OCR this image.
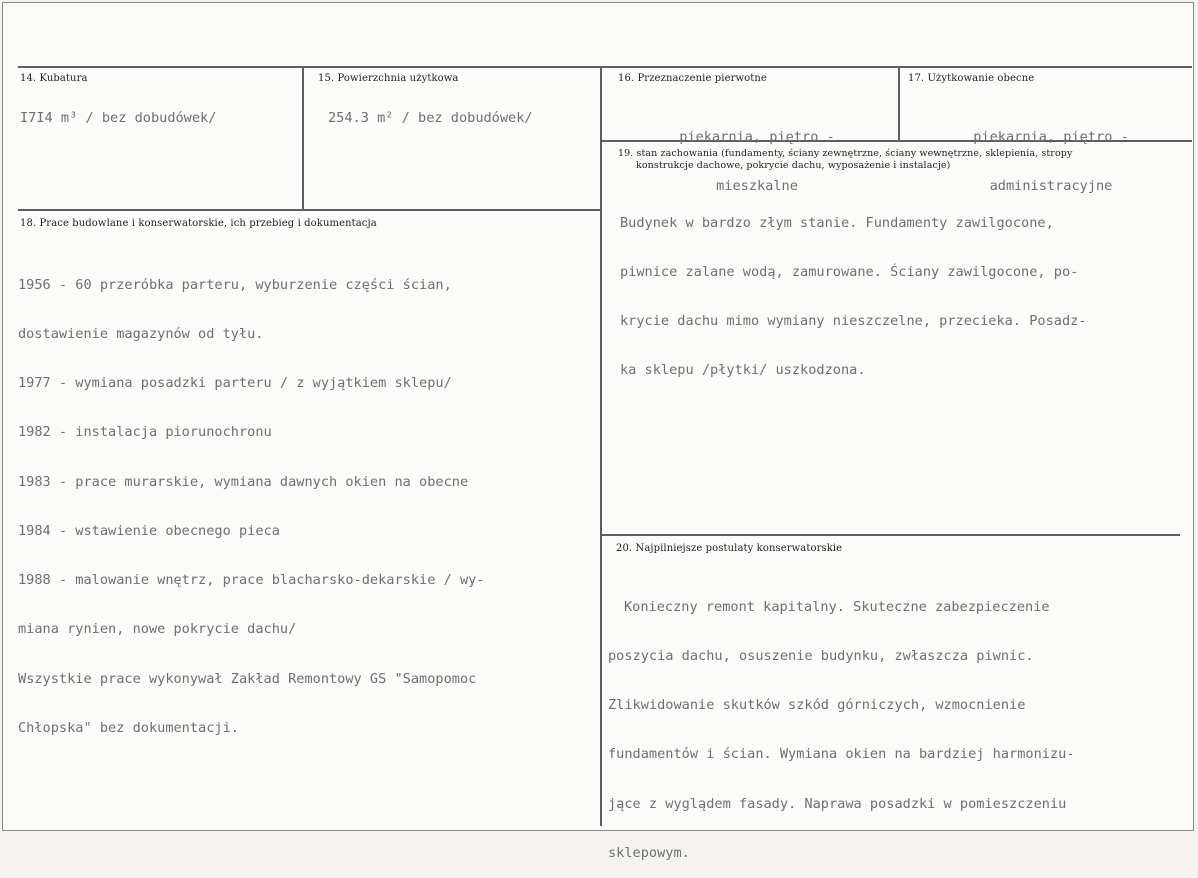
14. Kubatura
I7I4 m³ / bez dobudówek/
15. Powierzchnia użytkowa
254.3 m² / bez dobudówek/
16. Przeznaczenie pierwotne

piekarnia, piętro -

mieszkalne

17. Użytkowanie obecne

piekarnia, piętro -

administracyjne

18. Prace budowlane i konserwatorskie, ich przebieg i dokumentacja

1956 - 60 przeróbka parteru, wyburzenie części ścian,

dostawienie magazynów od tyłu.

1977 - wymiana posadzki parteru / z wyjątkiem sklepu/

1982 - instalacja piorunochronu

1983 - prace murarskie, wymiana dawnych okien na obecne

1984 - wstawienie obecnego pieca

1988 - malowanie wnętrz, prace blacharsko-dekarskie / wy-

miana rynien, nowe pokrycie dachu/

Wszystkie prace wykonywał Zakład Remontowy GS "Samopomoc

Chłopska" bez dokumentacji.

19. stan zachowania (fundamenty, ściany zewnętrzne, ściany wewnętrzne, sklepienia, stropy
konstrukcje dachowe, pokrycie dachu, wyposażenie i instalacje)

Budynek w bardzo złym stanie. Fundamenty zawilgocone,

piwnice zalane wodą, zamurowane. Ściany zawilgocone, po-

krycie dachu mimo wymiany nieszczelne, przecieka. Posadz-

ka sklepu /płytki/ uszkodzona.

20. Najpilniejsze postulaty konserwatorskie

Konieczny remont kapitalny. Skuteczne zabezpieczenie

poszycia dachu, osuszenie budynku, zwłaszcza piwnic.

Zlikwidowanie skutków szkód górniczych, wzmocnienie

fundamentów i ścian. Wymiana okien na bardziej harmonizu-

jące z wyglądem fasady. Naprawa posadzki w pomieszczeniu

sklepowym.
